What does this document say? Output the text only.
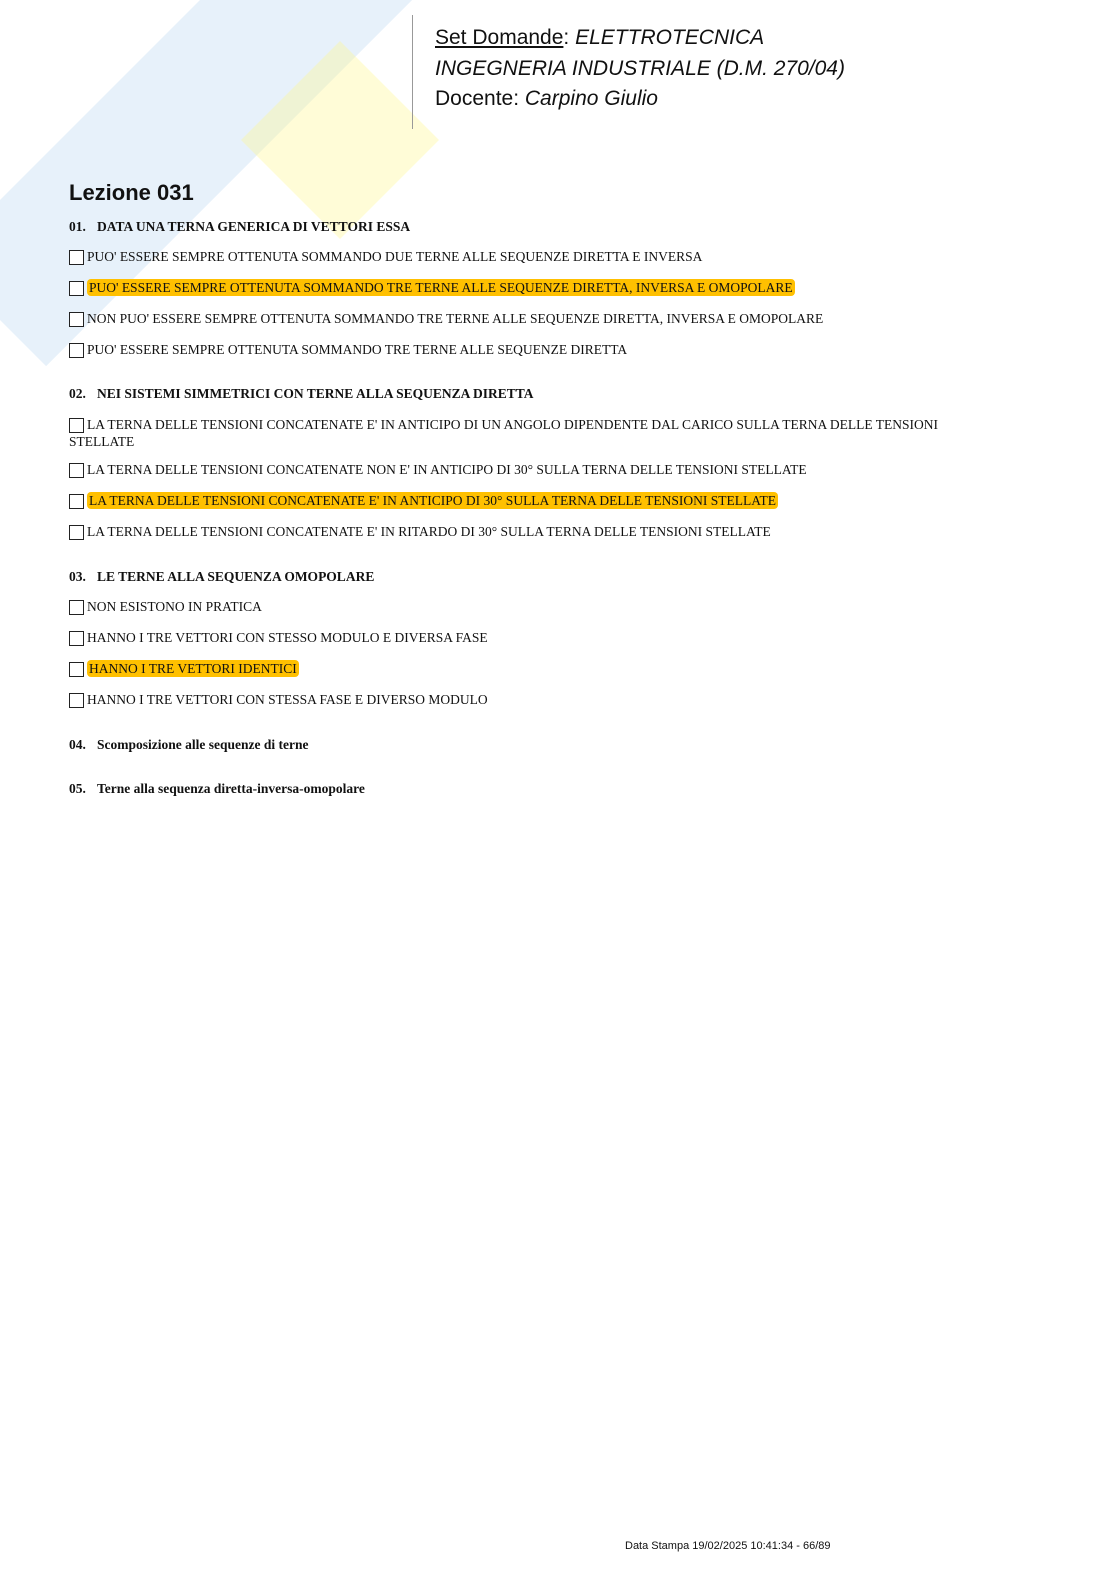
Set Domande: ELETTROTECNICA
INGEGNERIA INDUSTRIALE (D.M. 270/04)
Docente: Carpino Giulio
Lezione 031
01. DATA UNA TERNA GENERICA DI VETTORI ESSA
PUO' ESSERE SEMPRE OTTENUTA SOMMANDO DUE TERNE ALLE SEQUENZE DIRETTA E INVERSA
PUO' ESSERE SEMPRE OTTENUTA SOMMANDO TRE TERNE ALLE SEQUENZE DIRETTA, INVERSA E OMOPOLARE
NON PUO' ESSERE SEMPRE OTTENUTA SOMMANDO TRE TERNE ALLE SEQUENZE DIRETTA, INVERSA E OMOPOLARE
PUO' ESSERE SEMPRE OTTENUTA SOMMANDO TRE TERNE ALLE SEQUENZE DIRETTA
02. NEI SISTEMI SIMMETRICI CON TERNE ALLA SEQUENZA DIRETTA
LA TERNA DELLE TENSIONI CONCATENATE E' IN ANTICIPO DI UN ANGOLO DIPENDENTE DAL CARICO SULLA TERNA DELLE TENSIONI STELLATE
LA TERNA DELLE TENSIONI CONCATENATE NON E' IN ANTICIPO DI 30° SULLA TERNA DELLE TENSIONI STELLATE
LA TERNA DELLE TENSIONI CONCATENATE E' IN ANTICIPO DI 30° SULLA TERNA DELLE TENSIONI STELLATE
LA TERNA DELLE TENSIONI CONCATENATE E' IN RITARDO DI 30° SULLA TERNA DELLE TENSIONI STELLATE
03. LE TERNE ALLA SEQUENZA OMOPOLARE
NON ESISTONO IN PRATICA
HANNO I TRE VETTORI CON STESSO MODULO E DIVERSA FASE
HANNO I TRE VETTORI IDENTICI
HANNO I TRE VETTORI CON STESSA FASE E DIVERSO MODULO
04. Scomposizione alle sequenze di terne
05. Terne alla sequenza diretta-inversa-omopolare
Data Stampa 19/02/2025 10:41:34 - 66/89
